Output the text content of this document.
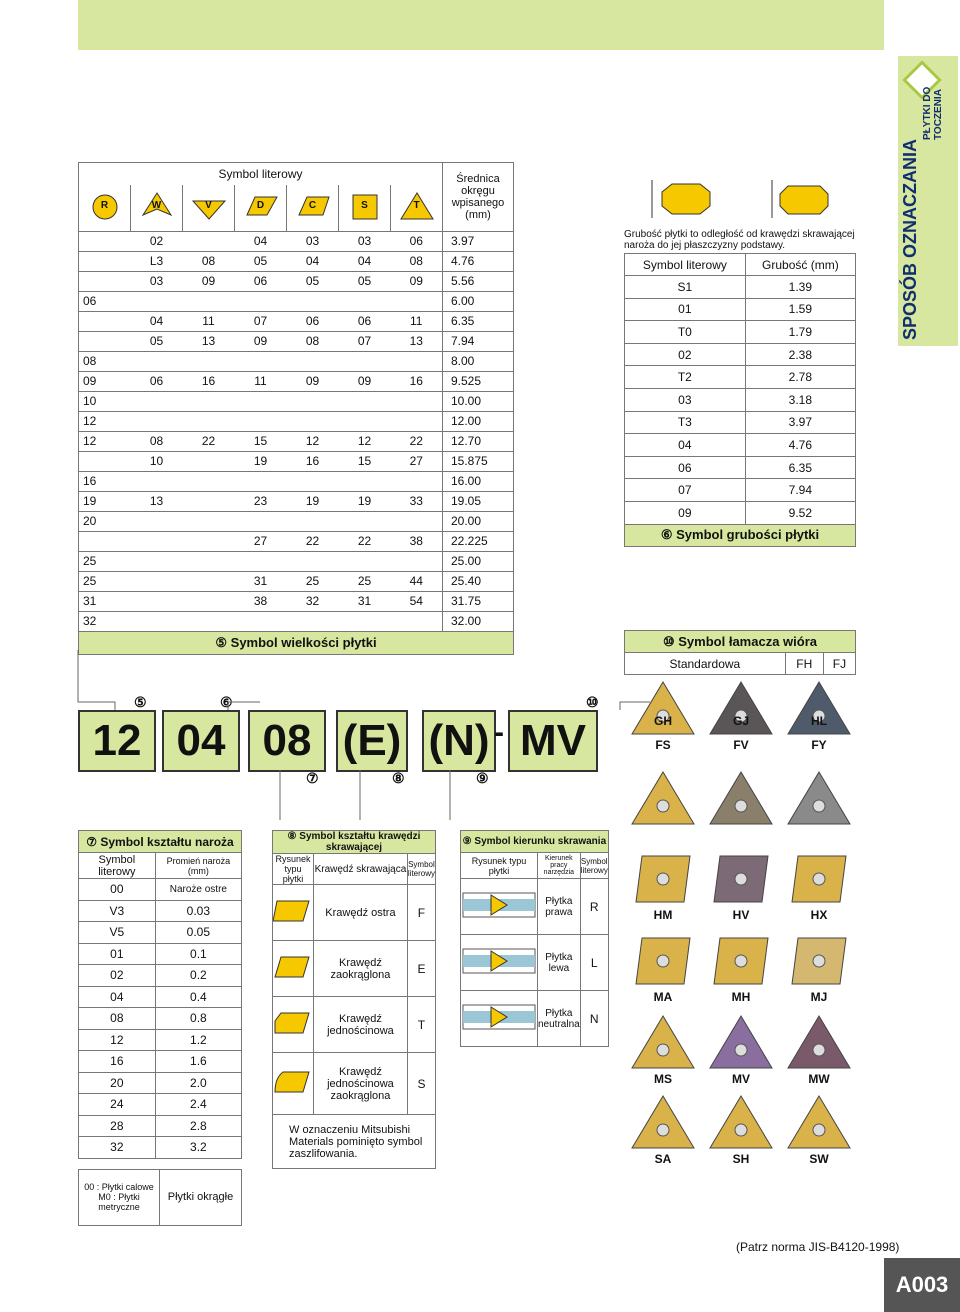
SPOSÓB OZNACZANIA
PŁYTKI DO TOCZENIA
Symbol literowy							Średnica okręgu wpisanego (mm)

R	W	V	D	C	S	T	

	02		04	03	03	06	3.97
	L3	08	05	04	04	08	4.76
	03	09	06	05	05	09	5.56
06							6.00
	04	11	07	06	06	11	6.35
	05	13	09	08	07	13	7.94
08							8.00
09	06	16	11	09	09	16	9.525
10							10.00
12							12.00
12	08	22	15	12	12	22	12.70
	10		19	16	15	27	15.875
16							16.00
19	13		23	19	19	33	19.05
20							20.00
			27	22	22	38	22.225
25							25.00
25			31	25	25	44	25.40
31			38	32	31	54	31.75
32							32.00
⑤ Symbol wielkości płytki							
Grubość płytki to odległość od krawędzi skrawającej naroża do jej płaszczyzny podstawy.
Symbol literowy	Grubość (mm)
S1	1.39
01	1.59
T0	1.79
02	2.38
T2	2.78
03	3.18
T3	3.97
04	4.76
06	6.35
07	7.94
09	9.52
⑥ Symbol grubości płytki	
12 04 08 (E) (N) - MV
⑤	⑥
⑦	⑧	⑨
⑩
⑩ Symbol łamacza wióra
Standardowa	FH	FJ
FS	FV	FY
GH	GJ	HL
HM	HV	HX
MA	MH	MJ
MS	MV	MW
SA	SH	SW
⑦ Symbol kształtu naroża	
Symbol literowy	Promień naroża (mm)
00	Naroże ostre
V3	0.03
V5	0.05
01	0.1
02	0.2
04	0.4
08	0.8
12	1.2
16	1.6
20	2.0
24	2.4
28	2.8
32	3.2
00 : Płytki calowe
M0 : Płytki metryczne	Płytki okrągłe
⑧ Symbol kształtu krawędzi skrawającej		
Rysunek typu płytki	Krawędź skrawająca	Symbol literowy
	Krawędź ostra	F
	Krawędź zaokrąglona	E
	Krawędź jednościnowa	T
	Krawędź jednościnowa zaokrąglona	S
W oznaczeniu Mitsubishi Materials pominięto symbol zaszlifowania.		
⑨ Symbol kierunku skrawania		
Rysunek typu płytki	Kierunek pracy narzędzia	Symbol literowy
	Płytka prawa	R
	Płytka lewa	L
	Płytka neutralna	N
(Patrz norma JIS-B4120-1998)
A003
